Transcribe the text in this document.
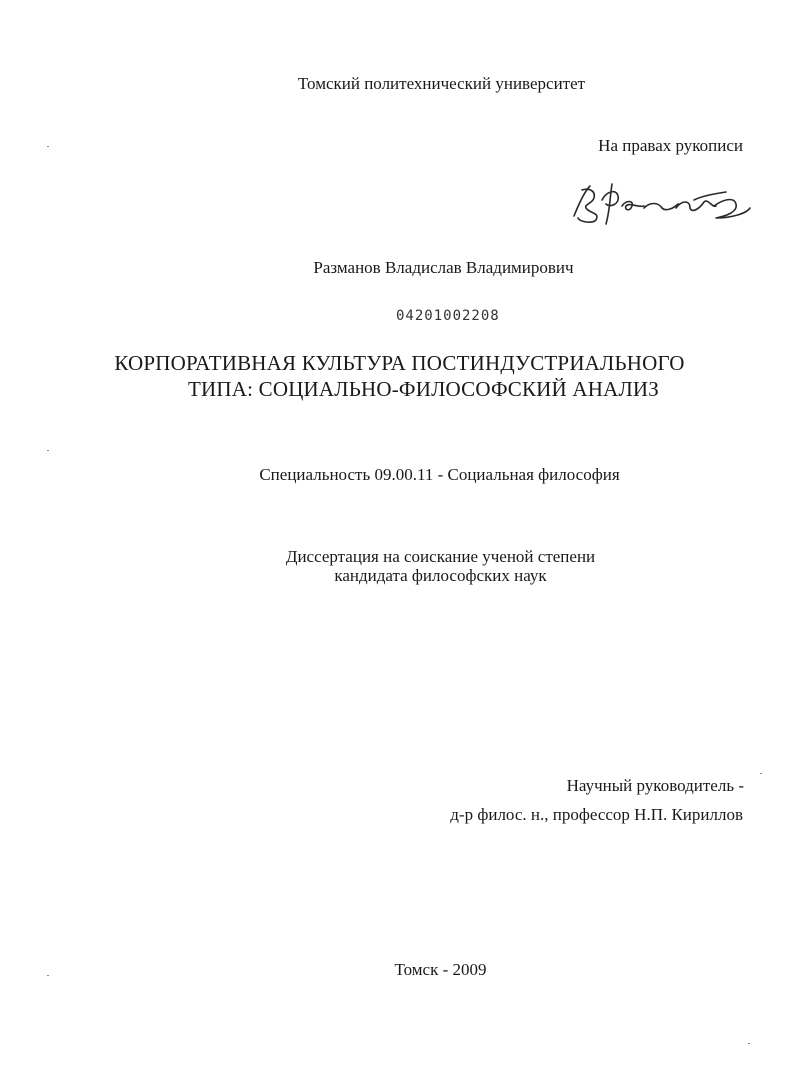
Томский политехнический университет
На правах рукописи
Разманов Владислав Владимирович
04201002208
КОРПОРАТИВНАЯ КУЛЬТУРА ПОСТИНДУСТРИАЛЬНОГО
ТИПА: СОЦИАЛЬНО-ФИЛОСОФСКИЙ АНАЛИЗ
Специальность 09.00.11 - Социальная философия
Диссертация на соискание ученой степени
кандидата философских наук
Научный руководитель -
д-р филос. н., профессор Н.П. Кириллов
Томск - 2009
